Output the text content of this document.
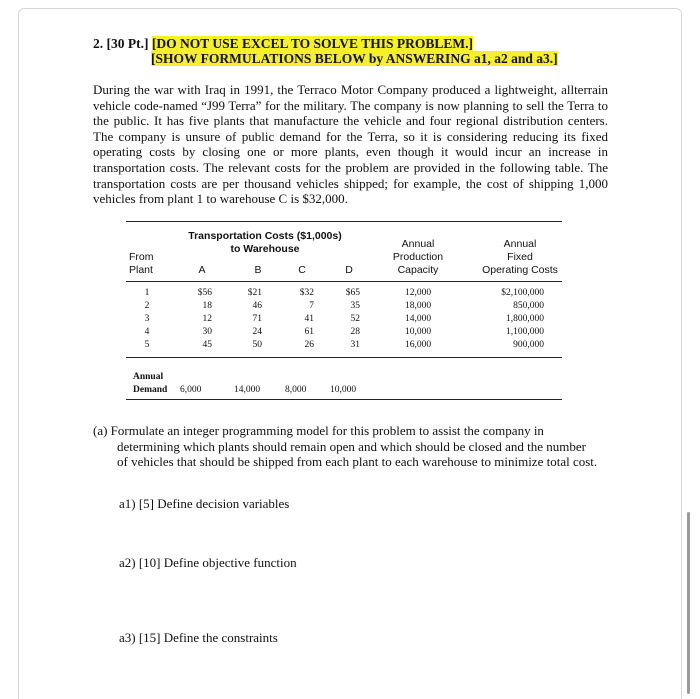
2. [30 Pt.] [DO NOT USE EXCEL TO SOLVE THIS PROBLEM.]
[SHOW FORMULATIONS BELOW by ANSWERING a1, a2 and a3.]
During the war with Iraq in 1991, the Terraco Motor Company produced a lightweight, allterrain vehicle code-named “J99 Terra” for the military. The company is now planning to sell the Terra to the public. It has five plants that manufacture the vehicle and four regional distribution centers. The company is unsure of public demand for the Terra, so it is considering reducing its fixed operating costs by closing one or more plants, even though it would incur an increase in transportation costs. The relevant costs for the problem are provided in the following table. The transportation costs are per thousand vehicles shipped; for example, the cost of shipping 1,000 vehicles from plant 1 to warehouse C is $32,000.
Transportation Costs ($1,000s)
to Warehouse
From
Plant	A	B	C	D
Annual
Production
Capacity
Annual
Fixed
Operating Costs
1	$56	$21	$32	$65	12,000	$2,100,000
2	18	46	7	35	18,000	850,000
3	12	71	41	52	14,000	1,800,000
4	30	24	61	28	10,000	1,100,000
5	45	50	26	31	16,000	900,000
Annual
Demand 6,000	14,000	8,000 10,000
(a) Formulate an integer programming model for this problem to assist the company in
determining which plants should remain open and which should be closed and the number
of vehicles that should be shipped from each plant to each warehouse to minimize total cost.
a1) [5] Define decision variables
a2) [10] Define objective function
a3) [15] Define the constraints
